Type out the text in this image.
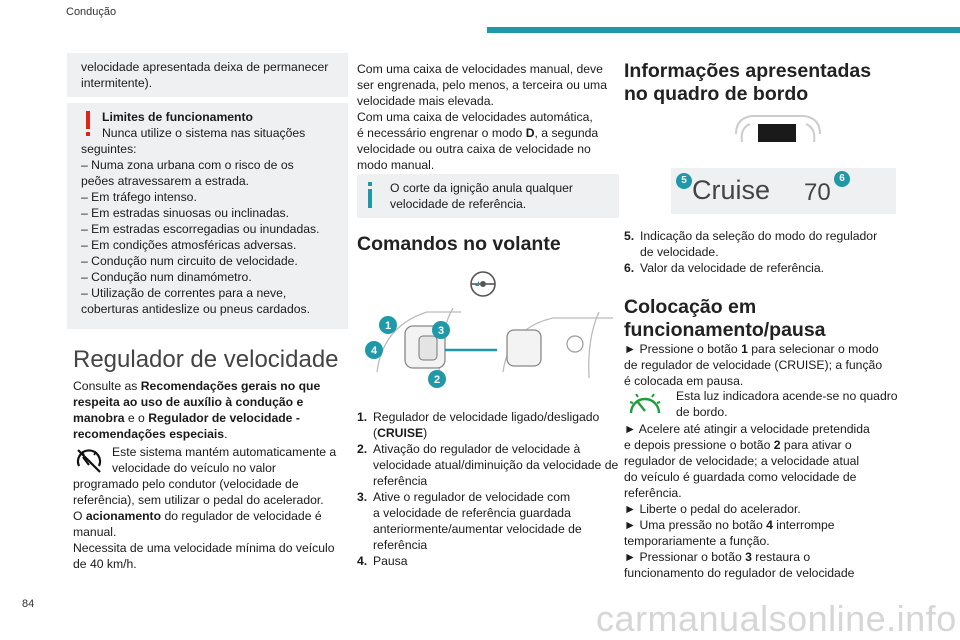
Condução
velocidade apresentada deixa de permanecer intermitente).

Limites de funcionamento

Nunca utilize o sistema nas situações

seguintes:

– Numa zona urbana com o risco de os

peões atravessarem a estrada.

– Em tráfego intenso.

– Em estradas sinuosas ou inclinadas.

– Em estradas escorregadias ou inundadas.

– Em condições atmosféricas adversas.

– Condução num circuito de velocidade.

– Condução num dinamómetro.

– Utilização de correntes para a neve,

coberturas antideslize ou pneus cardados.

Regulador de velocidade
Consulte as Recomendações gerais no que respeita ao uso de auxílio à condução e manobra e o Regulador de velocidade - recomendações especiais.

Este sistema mantém automaticamente a

velocidade do veículo no valor

programado pelo condutor (velocidade de

referência), sem utilizar o pedal do acelerador.

O acionamento do regulador de velocidade é

manual.

Necessita de uma velocidade mínima do veículo

de 40 km/h.

Com uma caixa de velocidades manual, deve

ser engrenada, pelo menos, a terceira ou uma

velocidade mais elevada.

Com uma caixa de velocidades automática,

é necessário engrenar o modo D, a segunda

velocidade ou outra caixa de velocidade no

modo manual.

O corte da ignição anula qualquer

velocidade de referência.

Comandos no volante
1	3
2
4
1. Regulador de velocidade ligado/desligado

(CRUISE)

2. Ativação do regulador de velocidade à

velocidade atual/diminuição da velocidade de

referência

3. Ative o regulador de velocidade com

a velocidade de referência guardada

anteriormente/aumentar velocidade de

referência

4. Pausa

Informações apresentadas

no quadro de bordo

5 Cruise 70
6
5. Indicação da seleção do modo do regulador

de velocidade.

6. Valor da velocidade de referência.

Colocação em

funcionamento/pausa

► Pressione o botão 1 para selecionar o modo

de regulador de velocidade (CRUISE); a função

é colocada em pausa.

Esta luz indicadora acende-se no quadro

de bordo.

► Acelere até atingir a velocidade pretendida

e depois pressione o botão 2 para ativar o

regulador de velocidade; a velocidade atual

do veículo é guardada como velocidade de

referência.

► Liberte o pedal do acelerador.

► Uma pressão no botão 4 interrompe

temporariamente a função.

► Pressionar o botão 3 restaura o

funcionamento do regulador de velocidade

84	carmanualsonline.info
